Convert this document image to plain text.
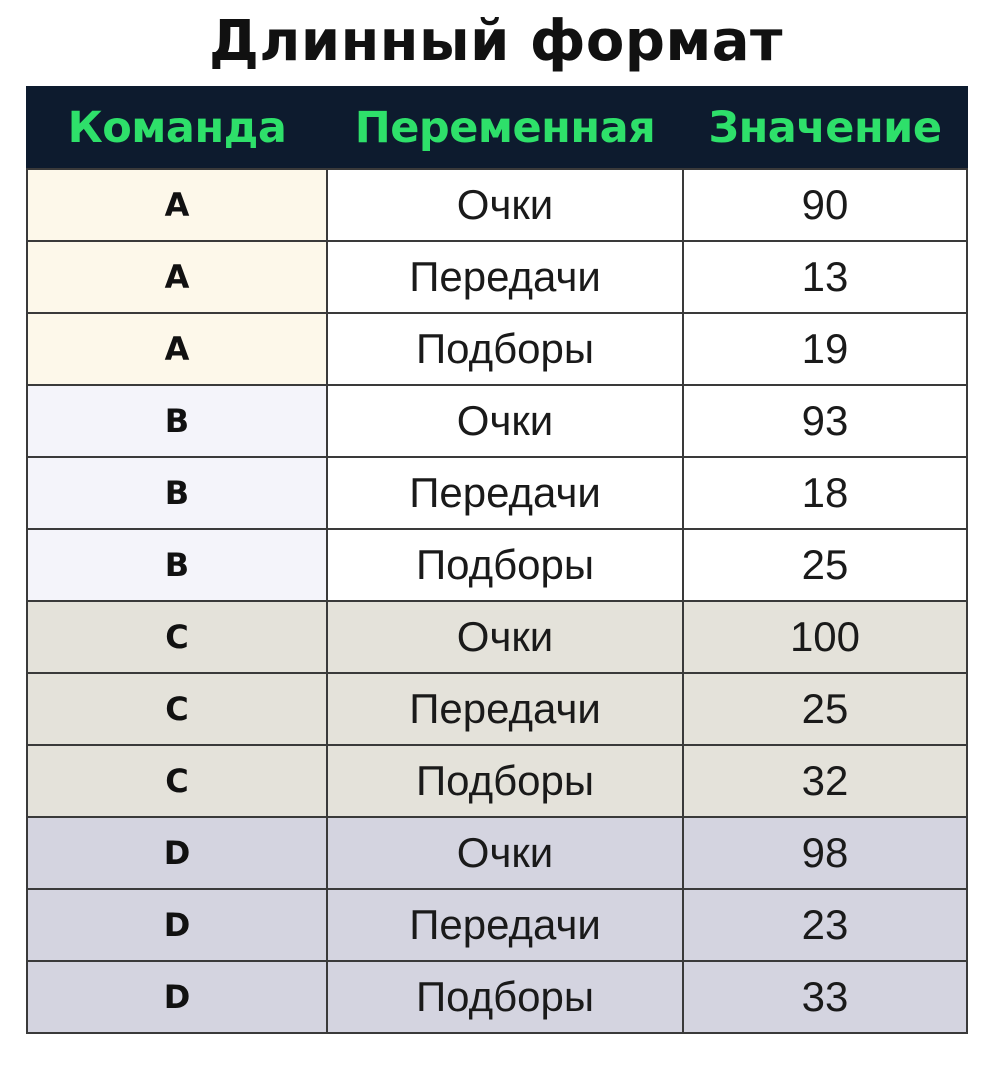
Длинный формат
Команда	Переменная	Значение
A	Очки	90
A	Передачи	13
A	Подборы	19
B	Очки	93
B	Передачи	18
B	Подборы	25
C	Очки	100
C	Передачи	25
C	Подборы	32
D	Очки	98
D	Передачи	23
D	Подборы	33
